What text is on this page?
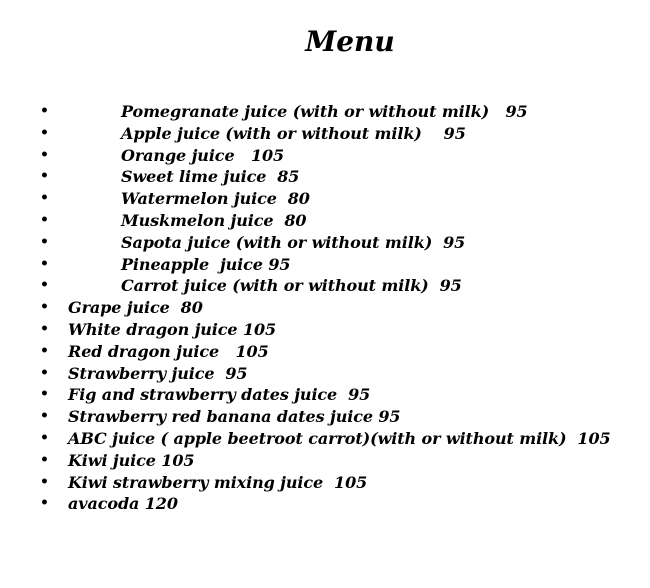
Menu
•	Pomegranate juice (with or without milk)   95
•	Apple juice (with or without milk)    95
•	Orange juice   105
•	Sweet lime juice  85
•	Watermelon juice  80
•	Muskmelon juice  80
•	Sapota juice (with or without milk)  95
•	Pineapple  juice 95
•	Carrot juice (with or without milk)  95
• Grape juice  80
• White dragon juice 105
• Red dragon juice   105
• Strawberry juice  95
• Fig and strawberry dates juice  95
• Strawberry red banana dates juice 95
• ABC juice ( apple beetroot carrot)(with or without milk)  105
• Kiwi juice 105
• Kiwi strawberry mixing juice  105
• avacoda 120
